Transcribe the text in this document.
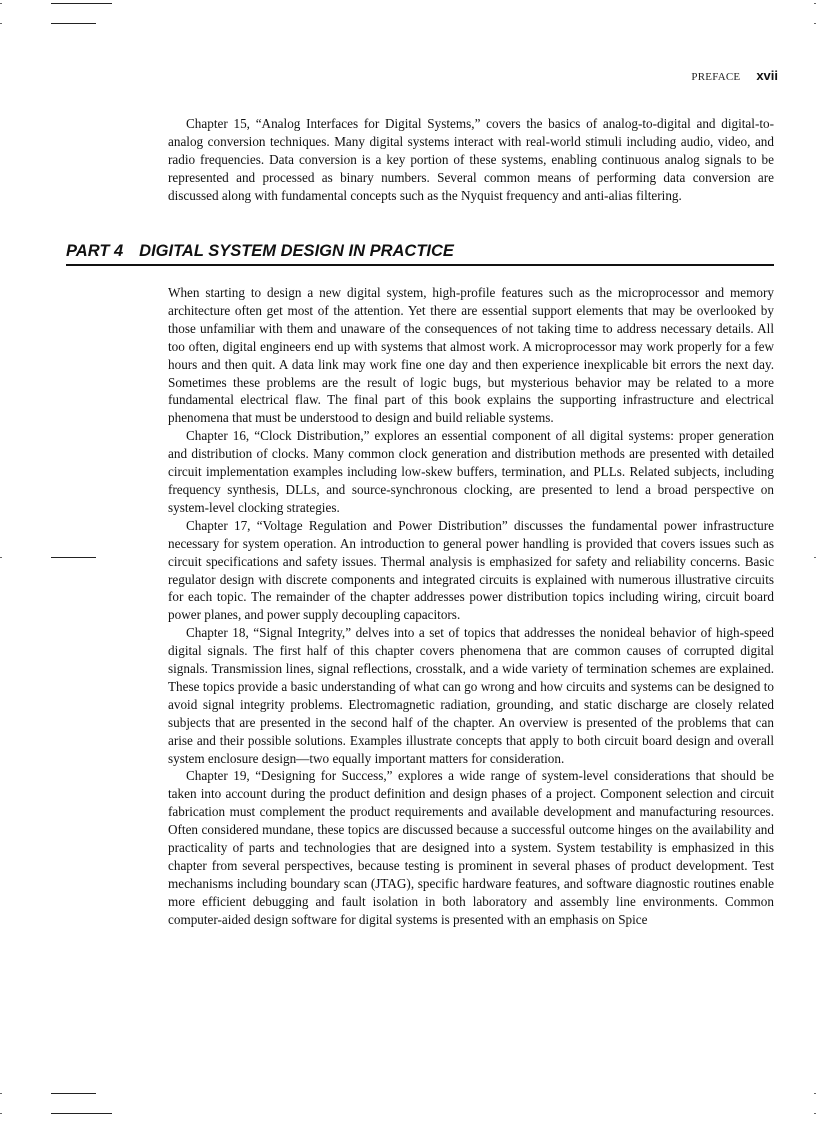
PREFACE xvii

Chapter 15, “Analog Interfaces for Digital Systems,” covers the basics of analog-to-digital and digital-to-analog conversion techniques. Many digital systems interact with real-world stimuli including audio, video, and radio frequencies. Data conversion is a key portion of these systems, enabling continuous analog signals to be represented and processed as binary numbers. Several common means of performing data conversion are discussed along with fundamental concepts such as the Nyquist frequency and anti-alias filtering.

PART 4 DIGITAL SYSTEM DESIGN IN PRACTICE

When starting to design a new digital system, high-profile features such as the microprocessor and memory architecture often get most of the attention. Yet there are essential support elements that may be overlooked by those unfamiliar with them and unaware of the consequences of not taking time to address necessary details. All too often, digital engineers end up with systems that almost work. A microprocessor may work properly for a few hours and then quit. A data link may work fine one day and then experience inexplicable bit errors the next day. Sometimes these problems are the result of logic bugs, but mysterious behavior may be related to a more fundamental electrical flaw. The final part of this book explains the supporting infrastructure and electrical phenomena that must be understood to design and build reliable systems.

Chapter 16, “Clock Distribution,” explores an essential component of all digital systems: proper generation and distribution of clocks. Many common clock generation and distribution methods are presented with detailed circuit implementation examples including low-skew buffers, termination, and PLLs. Related subjects, including frequency synthesis, DLLs, and source-synchronous clocking, are presented to lend a broad perspective on system-level clocking strategies.

Chapter 17, “Voltage Regulation and Power Distribution” discusses the fundamental power infrastructure necessary for system operation. An introduction to general power handling is provided that covers issues such as circuit specifications and safety issues. Thermal analysis is emphasized for safety and reliability concerns. Basic regulator design with discrete components and integrated circuits is explained with numerous illustrative circuits for each topic. The remainder of the chapter addresses power distribution topics including wiring, circuit board power planes, and power supply decoupling capacitors.

Chapter 18, “Signal Integrity,” delves into a set of topics that addresses the nonideal behavior of high-speed digital signals. The first half of this chapter covers phenomena that are common causes of corrupted digital signals. Transmission lines, signal reflections, crosstalk, and a wide variety of termination schemes are explained. These topics provide a basic understanding of what can go wrong and how circuits and systems can be designed to avoid signal integrity problems. Electromagnetic radiation, grounding, and static discharge are closely related subjects that are presented in the second half of the chapter. An overview is presented of the problems that can arise and their possible solutions. Examples illustrate concepts that apply to both circuit board design and overall system enclosure design—two equally important matters for consideration.

Chapter 19, “Designing for Success,” explores a wide range of system-level considerations that should be taken into account during the product definition and design phases of a project. Component selection and circuit fabrication must complement the product requirements and available development and manufacturing resources. Often considered mundane, these topics are discussed because a successful outcome hinges on the availability and practicality of parts and technologies that are designed into a system. System testability is emphasized in this chapter from several perspectives, because testing is prominent in several phases of product development. Test mechanisms including boundary scan (JTAG), specific hardware features, and software diagnostic routines enable more efficient debugging and fault isolation in both laboratory and assembly line environments. Common computer-aided design software for digital systems is presented with an emphasis on Spice
